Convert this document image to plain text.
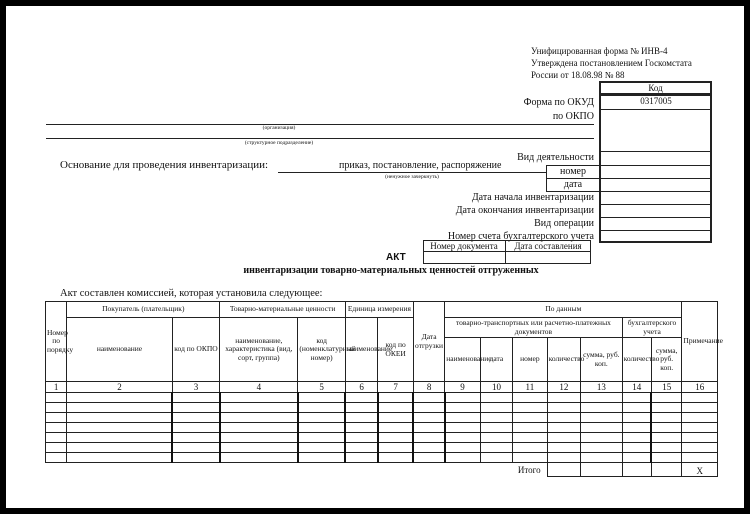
Унифицированная форма № ИНВ-4
Утверждена постановлением Госкомстата
России от 18.08.98 № 88
Код
0317005
Форма по ОКУД
по ОКПО
Вид деятельности
номер
дата
Дата начала инвентаризации
Дата окончания инвентаризации
Вид операции
Номер счета бухгалтерского учета
(организация)
(структурное подразделение)
Основание для проведения инвентаризации:	приказ, постановление, распоряжение
(ненужное зачеркнуть)
Номер документа	Дата составления
АКТ
инвентаризации товарно-материальных ценностей отгруженных
Акт составлен комиссией, которая установила следующее:
Номер по порядку	Покупатель (плательщик)		Товарно-материальные ценности		Единица измерения		Дата отгрузки	По данным							Примечание
	наименование	код по ОКПО	наименование, характеристика (вид, сорт, группа)	код (номенклатурный номер)	наименование	код по ОКЕИ		товарно-транспортных или расчетно-платежных документов					бухгалтерского учета		
								наименование	дата	номер	количество	сумма, руб. коп.	количество	сумма, руб. коп.	
1	2	3	4	5	6	7	8	9	10	11	12	13	14	15	16

Итого															Х
